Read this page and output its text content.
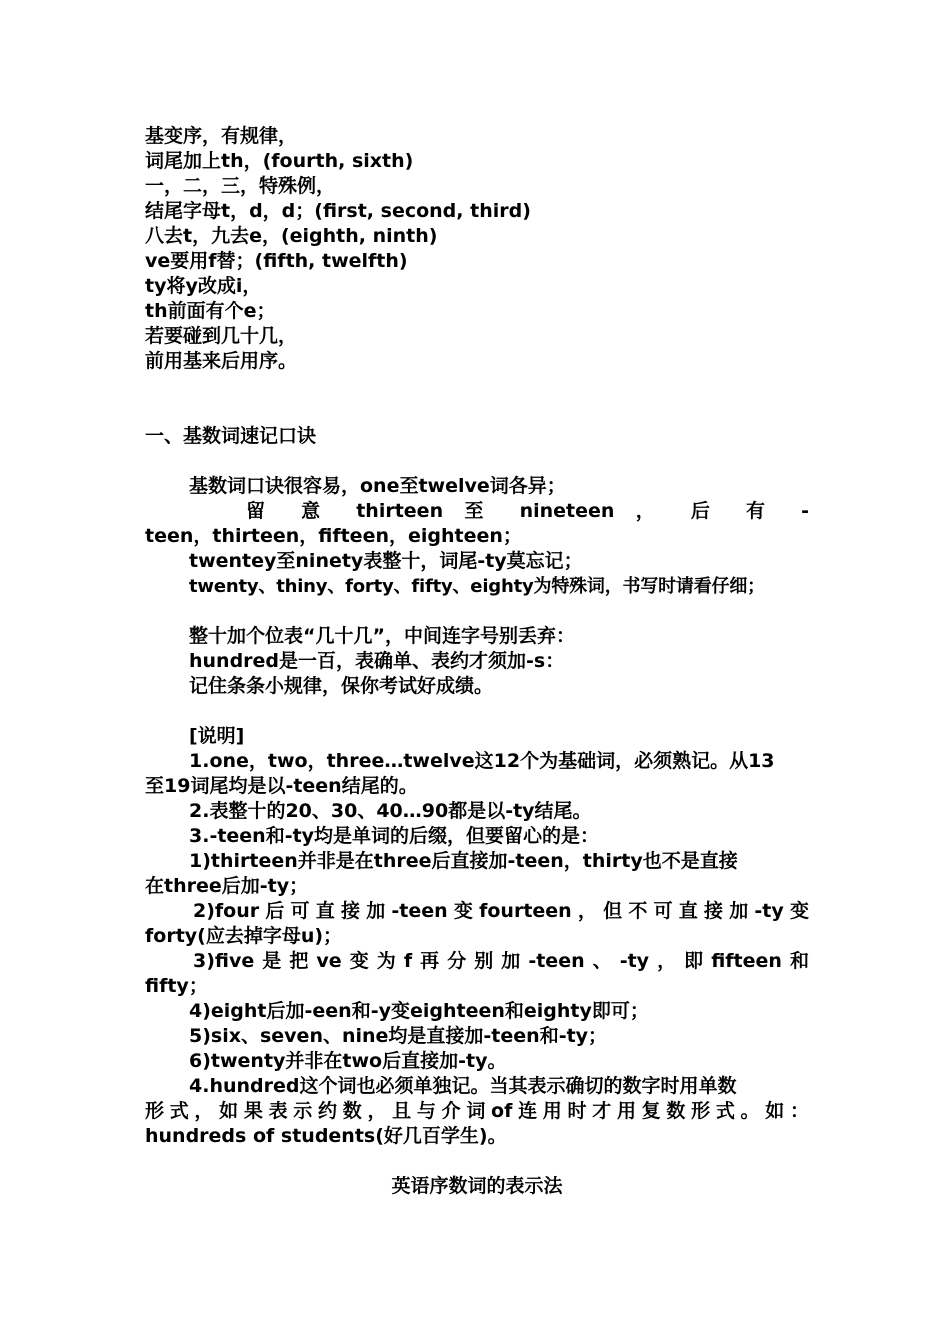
基变序，有规律，
词尾加上th，(fourth, sixth)
一，二，三，特殊例，
结尾字母t，d，d；(first, second, third)
八去t，九去e，(eighth, ninth)
ve要用f替；(fifth, twelfth)
ty将y改成i，
th前面有个e；
若要碰到几十几，
前用基来后用序。
一、基数词速记口诀
基数词口诀很容易，one至twelve词各异；
留 意 thirteen 至 nineteen ， 后 有 -
teen，thirteen，fifteen，eighteen；
twentey至ninety表整十，词尾-ty莫忘记；
twenty、thiny、forty、fifty、eighty为特殊词，书写时请看仔细；
整十加个位表“几十几”，中间连字号别丢弃：
hundred是一百，表确单、表约才须加-s：
记住条条小规律，保你考试好成绩。
[说明]
1.one，two，three…twelve这12个为基础词，必须熟记。从13
至19词尾均是以-teen结尾的。
2.表整十的20、30、40…90都是以-ty结尾。
3.-teen和-ty均是单词的后缀，但要留心的是：
1)thirteen并非是在three后直接加-teen，thirty也不是直接
在three后加-ty；
2)four后可直接加-teen变fourteen，但不可直接加-ty变
forty(应去掉字母u)；
3)five是把ve变为f再分别加-teen、-ty，即fifteen和
fifty；
4)eight后加-een和-y变eighteen和eighty即可；
5)six、seven、nine均是直接加-teen和-ty；
6)twenty并非在two后直接加-ty。
4.hundred这个词也必须单独记。当其表示确切的数字时用单数
形式，如果表示约数，且与介词of连用时才用复数形式。如：
hundreds of students(好几百学生)。
英语序数词的表示法
